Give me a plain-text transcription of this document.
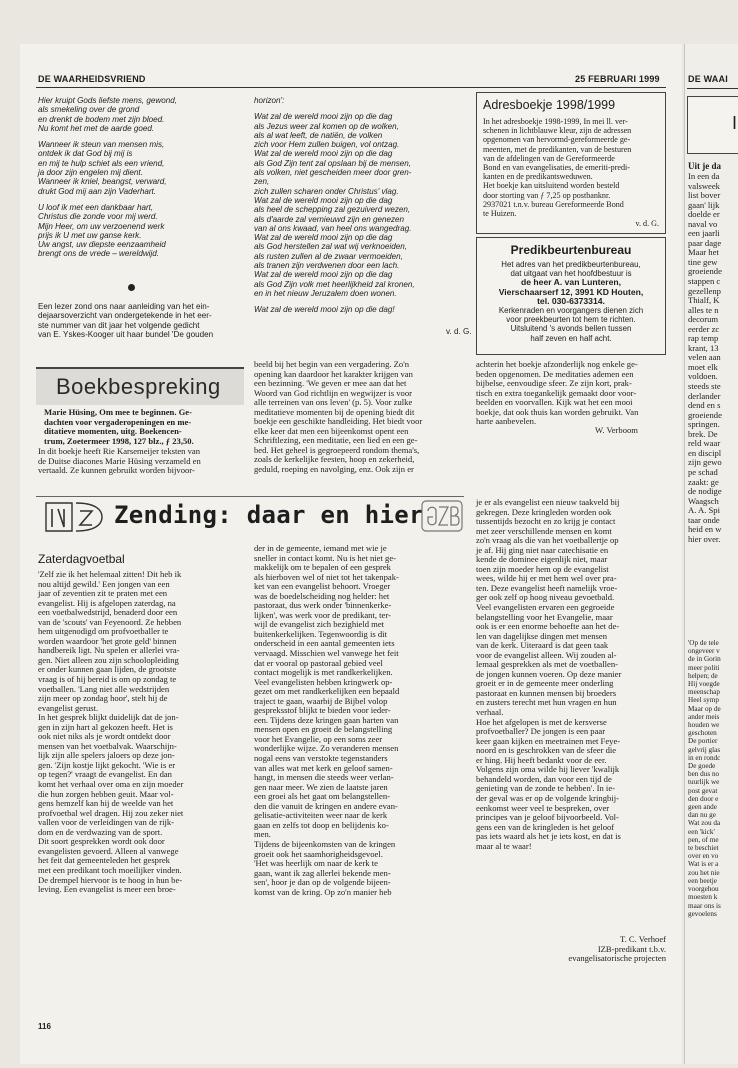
DE WAARHEIDSVRIEND	25 FEBRUARI 1999

Hier kruipt Gods liefste mens, gewond,
als smekeling over de grond
en drenkt de bodem met zijn bloed.
Nu komt het met de aarde goed.

Wanneer ik steun van mensen mis,
ontdek ik dat God bij mij is
en mij te hulp schiet als een vriend,
ja door zijn engelen mij dient.
Wanneer ik kniel, beangst, verward,
drukt God mij aan zijn Vaderhart.

U loof ik met een dankbaar hart,
Christus die zonde voor mij werd.
Mijn Heer, om uw verzoenend werk
prijs ik U met uw ganse kerk.
Uw angst, uw diepste eenzaamheid
brengt ons de vrede – wereldwijd.

Een lezer zond ons naar aanleiding van het ein-
dejaarsoverzicht van ondergetekende in het eer-
ste nummer van dit jaar het volgende gedicht
van E. Yskes-Kooger uit haar bundel 'De gouden

horizon':

Wat zal de wereld mooi zijn op die dag
als Jezus weer zal komen op de wolken,
als al wat leeft, de natiën, de volken
zich voor Hem zullen buigen, vol ontzag.
Wat zal de wereld mooi zijn op die dag
als God Zijn tent zal opslaan bij de mensen,
als volken, niet gescheiden meer door gren-
zen,
zich zullen scharen onder Christus' vlag.
Wat zal de wereld mooi zijn op die dag
als heel de schepping zal gezuiverd wezen,
als d'aarde zal vernieuwd zijn en genezen
van al ons kwaad, van heel ons wangedrag.
Wat zal de wereld mooi zijn op die dag
als God herstellen zal wat wij verknoeiden,
als rusten zullen al de zwaar vermoeiden,
als tranen zijn verdwenen door een lach.
Wat zal de wereld mooi zijn op die dag
als God Zijn volk met heerlijkheid zal kronen,
en in het nieuw Jeruzalem doen wonen.

Wat zal de wereld mooi zijn op die dag!

v. d. G.
Adresboekje 1998/1999
In het adresboekje 1998-1999, In mei ll. ver-
schenen in lichtblauwe kleur, zijn de adressen
opgenomen van hervormd-gereformeerde ge-
meenten, met de predikanten, van de besturen
van de afdelingen van de Gereformeerde
Bond en van evangelisaties, de emeriti-predi-
kanten en de predikantsweduwen.
Het boekje kan uitsluitend worden besteld
door storting van ƒ 7,25 op postbanknr.
2937021 t.n.v. bureau Gereformeerde Bond
te Huizen.
v. d. G.
Predikbeurtenbureau
Het adres van het predikbeurtenbureau,
dat uitgaat van het hoofdbestuur is
de heer A. van Lunteren,
Vierschaarserf 12, 3991 KD Houten,
tel. 030-6373314.
Kerkenraden en voorgangers dienen zich
voor preekbeurten tot hem te richten.
Uitsluitend 's avonds bellen tussen
half zeven en half acht.
Boekbespreking
Marie Hüsing, Om mee te beginnen. Ge-
dachten voor vergaderopeningen en me-
ditatieve momenten, uitg. Boekencen-
trum, Zoetermeer 1998, 127 blz., ƒ 23,50.
In dit boekje heeft Rie Karsemeijer teksten van
de Duitse diacones Marie Hüsing verzameld en
vertaald. Ze kunnen gebruikt worden bijvoor-
beeld bij het begin van een vergadering. Zo'n
opening kan daardoor het karakter krijgen van
een bezinning. 'We geven er mee aan dat het
Woord van God richtlijn en wegwijzer is voor
alle terreinen van ons leven' (p. 5). Voor zulke
meditatieve momenten bij de opening biedt dit
boekje een geschikte handleiding. Het biedt voor
elke keer dat men een bijeenkomst opent een
Schriftlezing, een meditatie, een lied en een ge-
bed. Het geheel is gegroepeerd rondom thema's,
zoals de kerkelijke feesten, hoop en zekerheid,
geduld, roeping en navolging, enz. Ook zijn er
achterin het boekje afzonderlijk nog enkele ge-
beden opgenomen. De meditaties ademen een
bijbelse, eenvoudige sfeer. Ze zijn kort, prak-
tisch en extra toegankelijk gemaakt door voor-
beelden en voorvallen. Kijk wat het een mooi
boekje, dat ook thuis kan worden gebruikt. Van
harte aanbevelen.
W. Verboom
Zending: daar en hier
Zaterdagvoetbal
'Zelf zie ik het helemaal zitten! Dit heb ik
nou altijd gewild.' Een jongen van een
jaar of zeventien zit te praten met een
evangelist. Hij is afgelopen zaterdag, na
een voetbalwedstrijd, benaderd door een
van de 'scouts' van Feyenoord. Ze hebben
hem uitgenodigd om profvoetballer te
worden waardoor 'het grote geld' binnen
handbereik ligt. Nu spelen er allerlei vra-
gen. Niet alleen zou zijn schoolopleiding
er onder kunnen gaan lijden, de grootste
vraag is of hij bereid is om op zondag te
voetballen. 'Lang niet alle wedstrijden
zijn meer op zondag hoor', stelt hij de
evangelist gerust.
In het gesprek blijkt duidelijk dat de jon-
gen in zijn hart al gekozen heeft. Het is
ook niet niks als je wordt ontdekt door
mensen van het voetbalvak. Waarschijn-
lijk zijn alle spelers jaloers op deze jon-
gen. 'Zijn kostje lijkt gekocht. 'Wie is er
op tegen?' vraagt de evangelist. En dan
komt het verhaal over oma en zijn moeder
die hun zorgen hebben geuit. Maar vol-
gens hemzelf kan hij de weelde van het
profvoetbal wel dragen. Hij zou zeker niet
vallen voor de verleidingen van de rijk-
dom en de verdwazing van de sport.
Dit soort gesprekken wordt ook door
evangelisten gevoerd. Alleen al vanwege
het feit dat gemeenteleden het gesprek
met een predikant toch moeilijker vinden.
De drempel hiervoor is te hoog in hun be-
leving. Een evangelist is meer een broe-
der in de gemeente, iemand met wie je
sneller in contact komt. Nu is het niet ge-
makkelijk om te bepalen of een gesprek
als hierboven wel of niet tot het takenpak-
ket van een evangelist behoort. Vroeger
was de boedelscheiding nog helder: het
pastoraat, dus werk onder 'binnenkerke-
lijken', was werk voor de predikant, ter-
wijl de evangelist zich bezighield met
buitenkerkelijken. Tegenwoordig is dit
onderscheid in een aantal gemeenten iets
vervaagd. Misschien wel vanwege het feit
dat er vooral op pastoraal gebied veel
contact mogelijk is met randkerkelijken.
Veel evangelisten hebben kringwerk op-
gezet om met randkerkelijken een bepaald
traject te gaan, waarbij de Bijbel volop
gespreksstof blijkt te bieden voor ieder-
een. Tijdens deze kringen gaan harten van
mensen open en groeit de belangstelling
voor het Evangelie, op een soms zeer
wonderlijke wijze. Zo veranderen mensen
nogal eens van verstokte tegenstanders
van alles wat met kerk en geloof samen-
hangt, in mensen die steeds weer verlan-
gen naar meer. We zien de laatste jaren
een groei als het gaat om belangstellen-
den die vanuit de kringen en andere evan-
gelisatie-activiteiten weer naar de kerk
gaan en zelfs tot doop en belijdenis ko-
men.
Tijdens de bijeenkomsten van de kringen
groeit ook het saamhorigheidsgevoel.
'Het was heerlijk om naar de kerk te
gaan, want ik zag allerlei bekende men-
sen', hoor je dan op de volgende bijeen-
komst van de kring. Op zo'n manier heb
je er als evangelist een nieuw taakveld bij
gekregen. Deze kringleden worden ook
tussentijds bezocht en zo krijg je contact
met zeer verschillende mensen en komt
zo'n vraag als die van het voetballertje op
je af. Hij ging niet naar catechisatie en
kende de dominee eigenlijk niet, maar
toen zijn moeder hem op de evangelist
wees, wilde hij er met hem wel over pra-
ten. Deze evangelist heeft namelijk vroe-
ger ook zelf op hoog niveau gevoetbald.
Veel evangelisten ervaren een gegroeide
belangstelling voor het Evangelie, maar
ook is er een enorme behoefte aan het de-
len van dagelijkse dingen met mensen
van de kerk. Uiteraard is dat geen taak
voor de evangelist alleen. Wij zouden al-
lemaal gesprekken als met de voetballen-
de jongen kunnen voeren. Op deze manier
groeit er in de gemeente meer onderling
pastoraat en kunnen mensen bij broeders
en zusters terecht met hun vragen en hun
verhaal.
Hoe het afgelopen is met de kersverse
profvoetballer? De jongen is een paar
keer gaan kijken en meetrainen met Feye-
noord en is geschrokken van de sfeer die
er hing. Hij heeft bedankt voor de eer.
Volgens zijn oma wilde hij liever 'kwalijk
behandeld worden, dan voor een tijd de
genieting van de zonde te hebben'. In ie-
der geval was er op de volgende kringbij-
eenkomst weer veel te bespreken, over
principes van je geloof bijvoorbeeld. Vol-
gens een van de kringleden is het geloof
pas iets waard als het je iets kost, en dat is
maar al te waar!
T. C. Verhoef
IZB-predikant t.b.v.
evangelisatorische projecten
116
DE WAAI
I
Uit je da
In een da
valsweek
list bover
gaan' lijk
doelde er
naval vo
een jaarli
paar dage
Maar het
tine gew
groeiende
stappen c
gezellenp
Thialf, K
alles te n
decorum
eerder zc
rap temp
krant, 13
velen aan
moet elk
voldoen.
steeds ste
derlander
dend en s
groeiende
springen.
brek. De
reld waar
en discipl
zijn gewo
pe schad
zaakt: ge
de nodige
Waagsch
A. A. Spi
taar onde
heid en w
hier over.
'Op de tele
ongeveer v
de in Gorin
meer politi
helpen; de
Hij voegde
meenschap
Heel symp
Maar op de
ander meis
houden we
geschoten
De portier
gelvrij glas
in en rondc
De goede
ben dus no
tuurlijk we
post gevat
den door e
geen ande
dan nu ge
Wat zou da
een 'kick'
pen, of me
te beschiet
over en vo
Wat is er a
zou het nie
een beetje
voorgehou
moesten k
maar ons is
gevoelens
